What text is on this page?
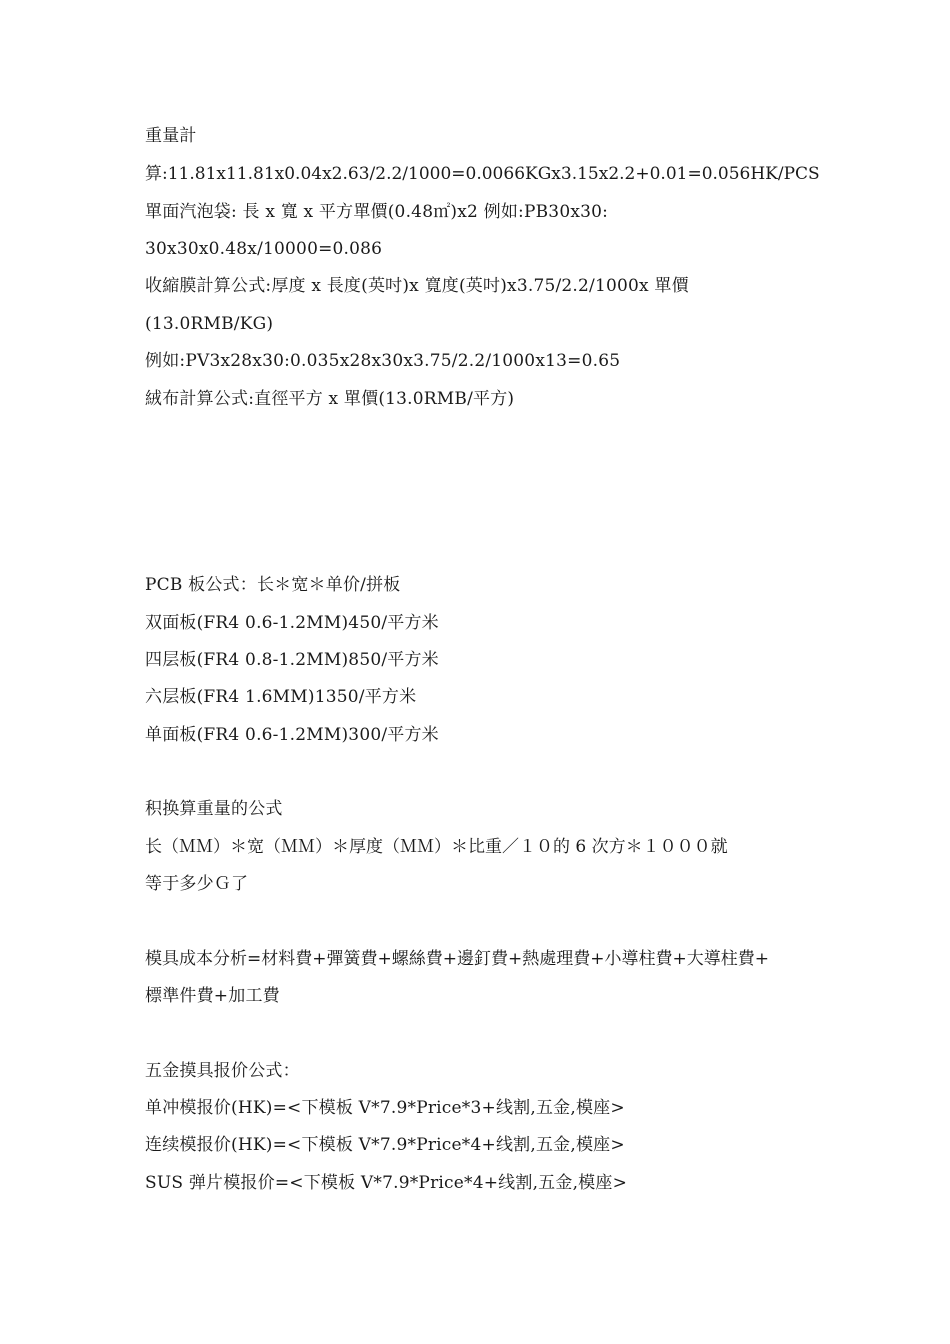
重量計
算:11.81x11.81x0.04x2.63/2.2/1000=0.0066KGx3.15x2.2+0.01=0.056HK/PCS
單面汽泡袋: 長 x 寬 x 平方單價(0.48㎡)x2 例如:PB30x30:
30x30x0.48x/10000=0.086
收縮膜計算公式:厚度 x 長度(英吋)x 寬度(英吋)x3.75/2.2/1000x 單價
(13.0RMB/KG)
例如:PV3x28x30:0.035x28x30x3.75/2.2/1000x13=0.65
絨布計算公式:直徑平方 x 單價(13.0RMB/平方)
PCB 板公式：长＊宽＊单价/拼板
双面板(FR4 0.6-1.2MM)450/平方米
四层板(FR4 0.8-1.2MM)850/平方米
六层板(FR4 1.6MM)1350/平方米
单面板(FR4 0.6-1.2MM)300/平方米
积换算重量的公式
长（ＭＭ）＊宽（ＭＭ）＊厚度（ＭＭ）＊比重／１０的 6 次方＊１０００就
等于多少Ｇ了
模具成本分析=材料費+彈簧費+螺絲費+邊釘費+熱處理費+小導柱費+大導柱費+
標準件費+加工費
五金摸具报价公式：
单冲模报价(HK)=<下模板 V*7.9*Price*3+线割,五金,模座>
连续模报价(HK)=<下模板 V*7.9*Price*4+线割,五金,模座>
SUS 弹片模报价=<下模板 V*7.9*Price*4+线割,五金,模座>
